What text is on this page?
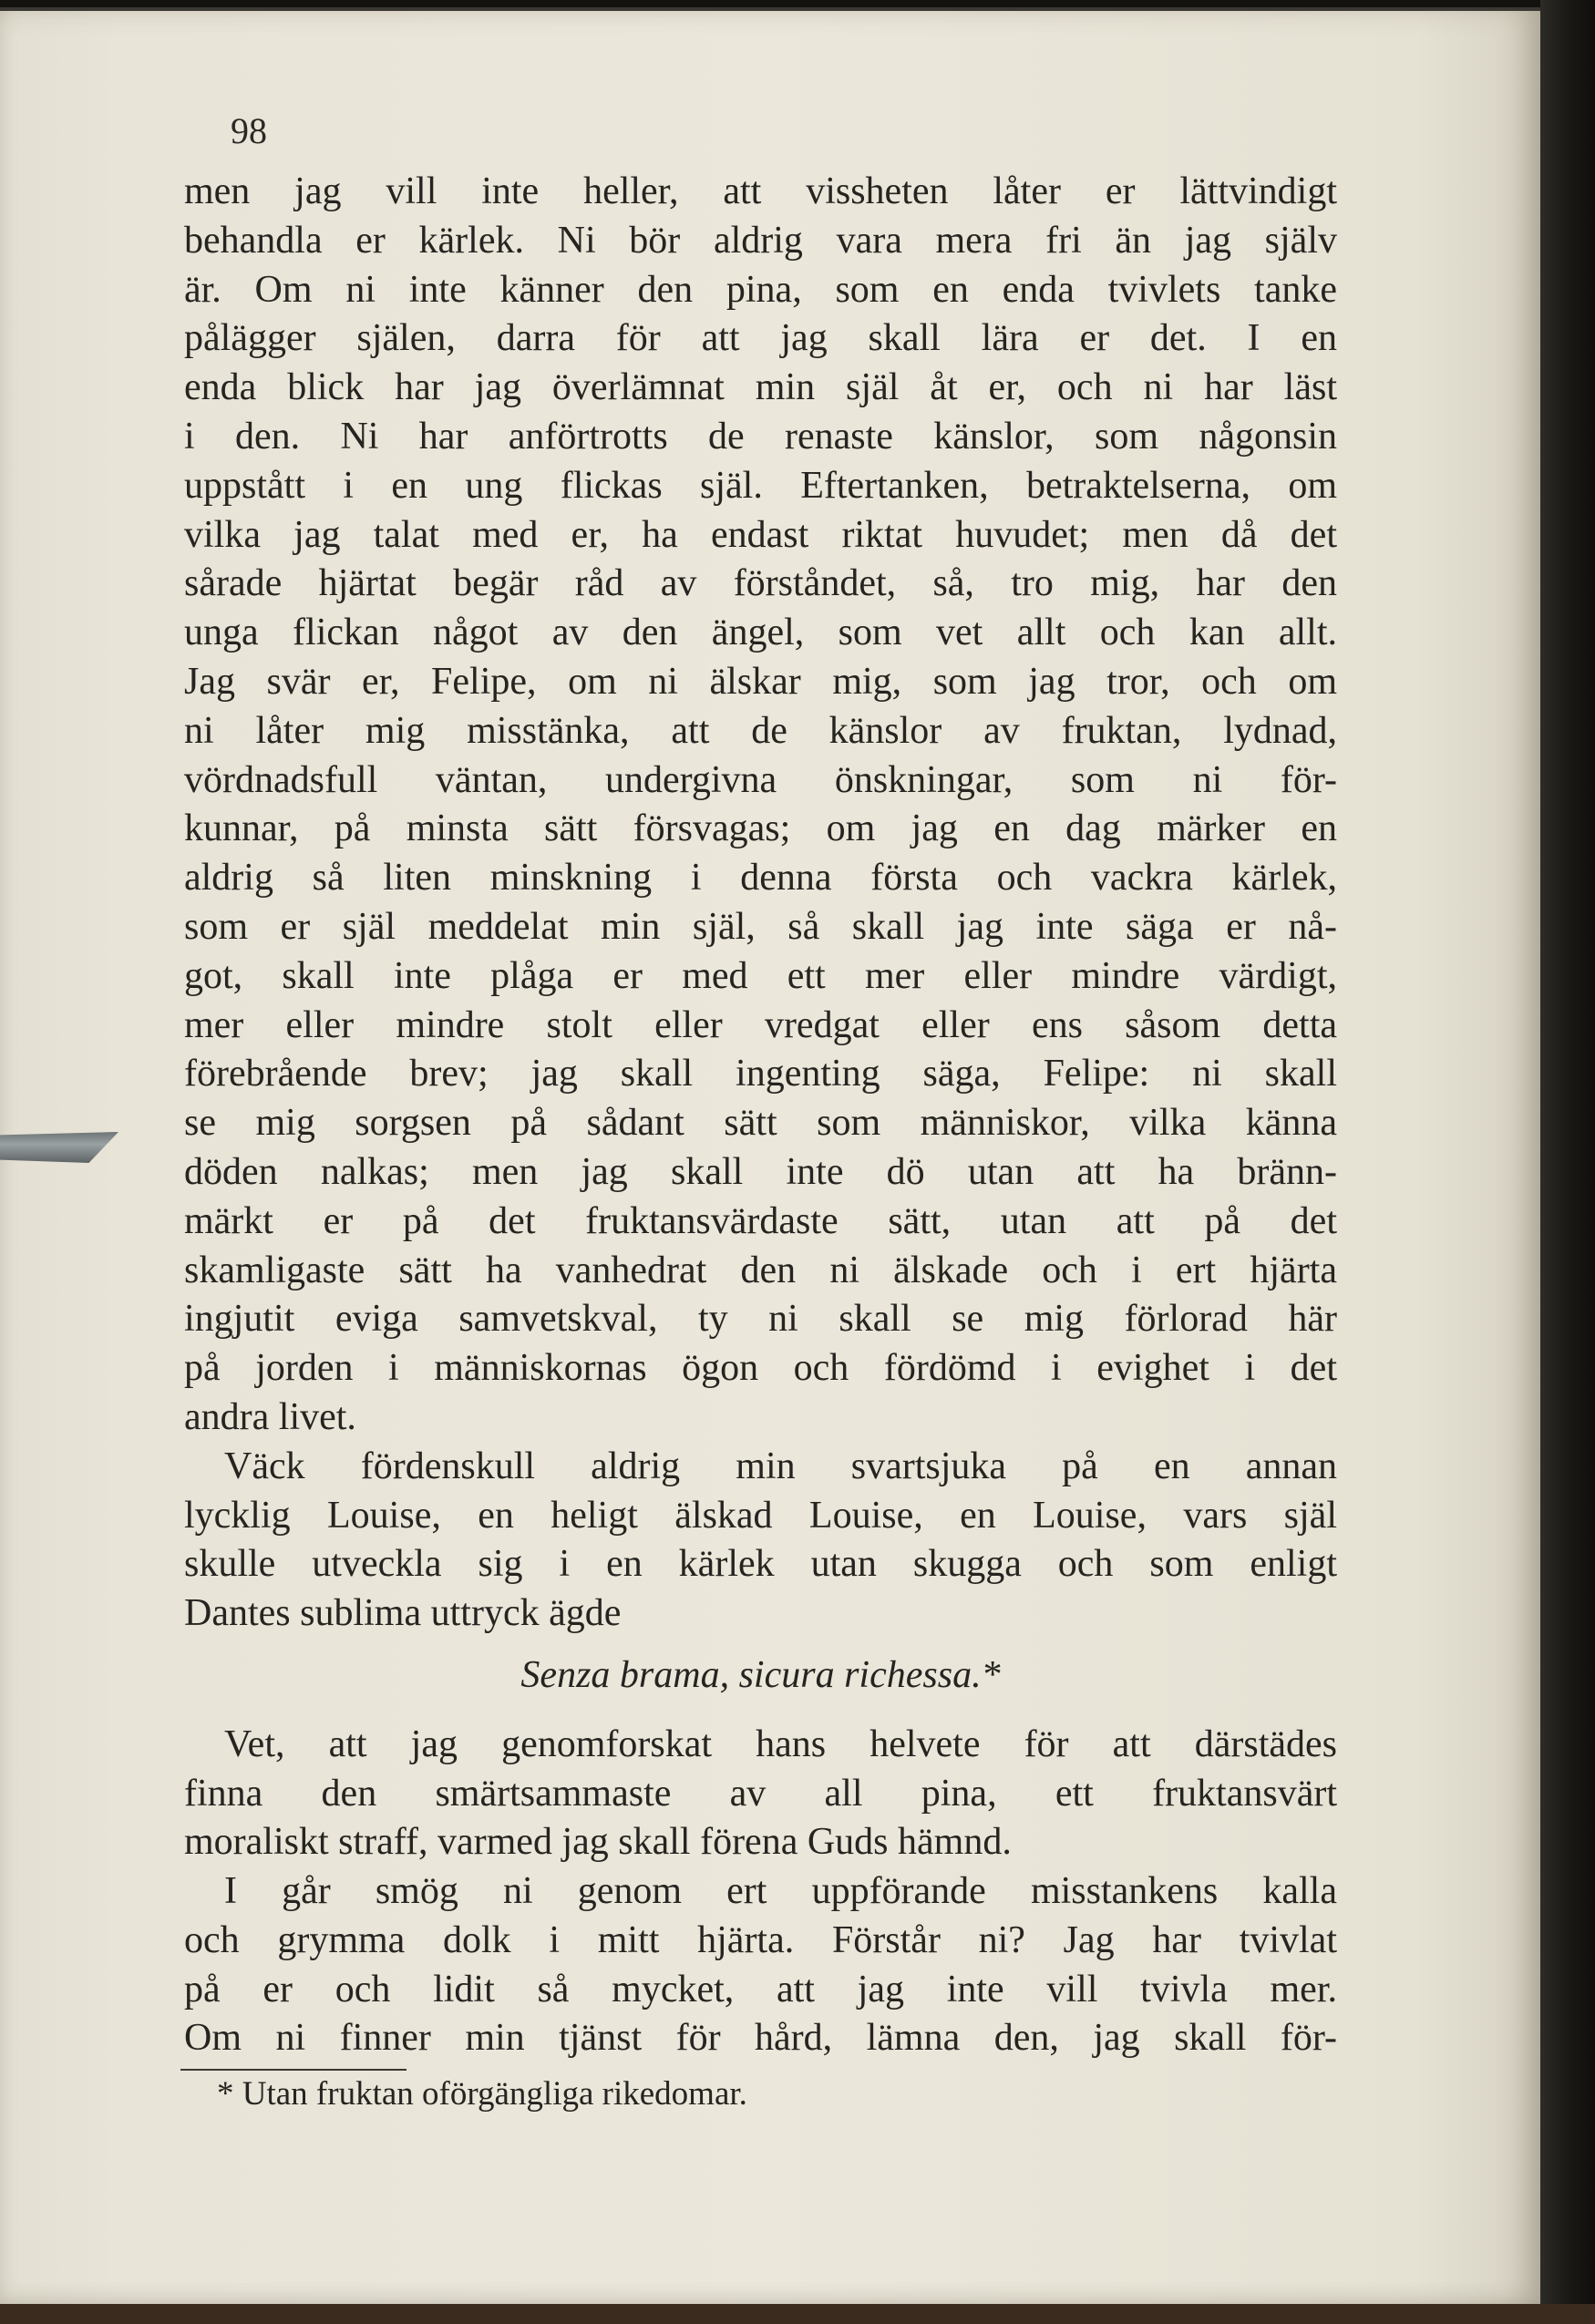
98
men jag vill inte heller, att vissheten låter er lättvindigt
behandla er kärlek. Ni bör aldrig vara mera fri än jag själv
är. Om ni inte känner den pina, som en enda tvivlets tanke
pålägger själen, darra för att jag skall lära er det. I en
enda blick har jag överlämnat min själ åt er, och ni har läst
i den. Ni har anförtrotts de renaste känslor, som någonsin
uppstått i en ung flickas själ. Eftertanken, betraktelserna, om
vilka jag talat med er, ha endast riktat huvudet; men då det
sårade hjärtat begär råd av förståndet, så, tro mig, har den
unga flickan något av den ängel, som vet allt och kan allt.
Jag svär er, Felipe, om ni älskar mig, som jag tror, och om
ni låter mig misstänka, att de känslor av fruktan, lydnad,
vördnadsfull väntan, undergivna önskningar, som ni för-
kunnar, på minsta sätt försvagas; om jag en dag märker en
aldrig så liten minskning i denna första och vackra kärlek,
som er själ meddelat min själ, så skall jag inte säga er nå-
got, skall inte plåga er med ett mer eller mindre värdigt,
mer eller mindre stolt eller vredgat eller ens såsom detta
förebrående brev; jag skall ingenting säga, Felipe: ni skall
se mig sorgsen på sådant sätt som människor, vilka känna
döden nalkas; men jag skall inte dö utan att ha bränn-
märkt er på det fruktansvärdaste sätt, utan att på det
skamligaste sätt ha vanhedrat den ni älskade och i ert hjärta
ingjutit eviga samvetskval, ty ni skall se mig förlorad här
på jorden i människornas ögon och fördömd i evighet i det
andra livet.
Väck fördenskull aldrig min svartsjuka på en annan
lycklig Louise, en heligt älskad Louise, en Louise, vars själ
skulle utveckla sig i en kärlek utan skugga och som enligt
Dantes sublima uttryck ägde
Senza brama, sicura richessa.*
Vet, att jag genomforskat hans helvete för att därstädes
finna den smärtsammaste av all pina, ett fruktansvärt
moraliskt straff, varmed jag skall förena Guds hämnd.
I går smög ni genom ert uppförande misstankens kalla
och grymma dolk i mitt hjärta. Förstår ni? Jag har tvivlat
på er och lidit så mycket, att jag inte vill tvivla mer.
Om ni finner min tjänst för hård, lämna den, jag skall för-
* Utan fruktan oförgängliga rikedomar.
